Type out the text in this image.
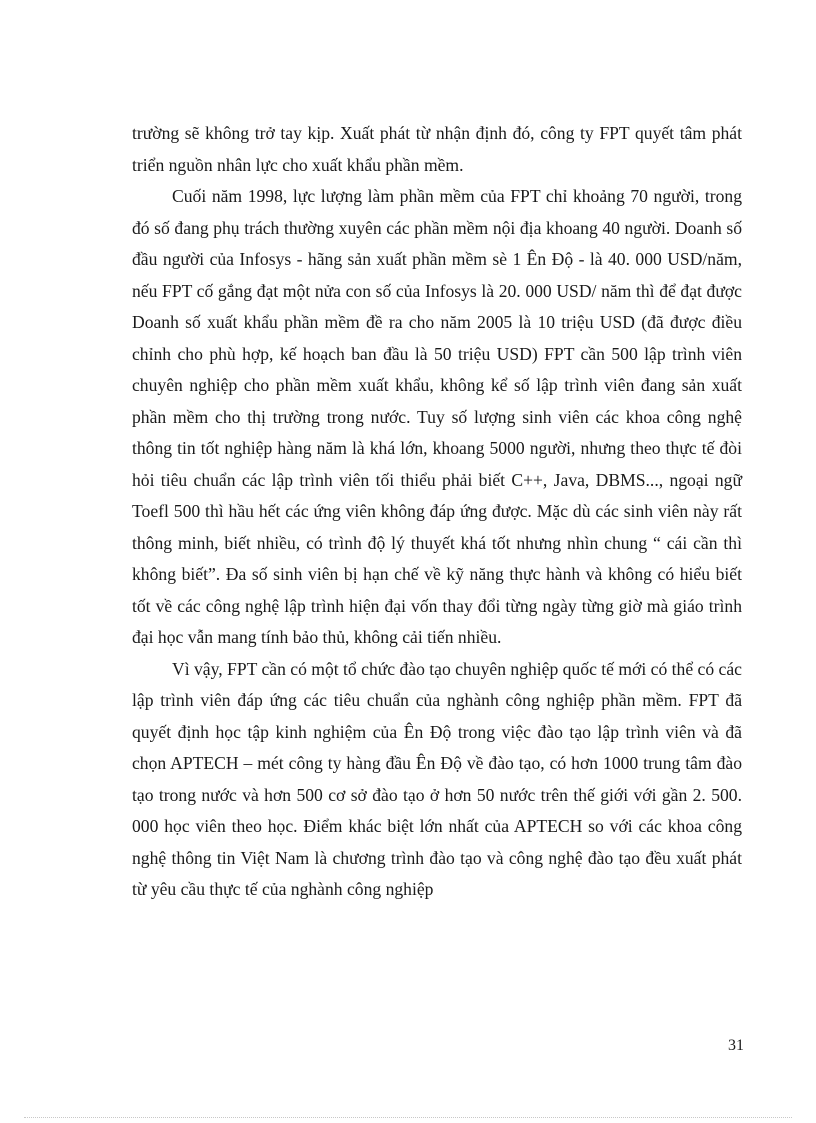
trường sẽ không trở tay kịp. Xuất phát từ nhận định đó, công ty FPT quyết tâm phát triển nguồn nhân lực cho xuất khẩu phần mềm.

Cuối năm 1998, lực lượng làm phần mềm của FPT chỉ khoảng 70 người, trong đó số đang phụ trách thường xuyên các phần mềm nội địa khoang 40 người. Doanh số đầu người của Infosys - hãng sản xuất phần mềm sè 1 Ên Độ - là 40. 000 USD/năm, nếu FPT cố gắng đạt một nửa con số của Infosys là 20. 000 USD/ năm thì để đạt được Doanh số xuất khẩu phần mềm đề ra cho năm 2005 là 10 triệu USD (đã được điều chỉnh cho phù hợp, kế hoạch ban đầu là 50 triệu USD) FPT cần 500 lập trình viên chuyên nghiệp cho phần mềm xuất khẩu, không kể số lập trình viên đang sản xuất phần mềm cho thị trường trong nước. Tuy số lượng sinh viên các khoa công nghệ thông tin tốt nghiệp hàng năm là khá lớn, khoang 5000 người, nhưng theo thực tế đòi hỏi tiêu chuẩn các lập trình viên tối thiểu phải biết C++, Java, DBMS..., ngoại ngữ Toefl 500 thì hầu hết các ứng viên không đáp ứng được. Mặc dù các sinh viên này rất thông minh, biết nhiều, có trình độ lý thuyết khá tốt nhưng nhìn chung “ cái cần thì không biết”. Đa số sinh viên bị hạn chế về kỹ năng thực hành và không có hiểu biết tốt về các công nghệ lập trình hiện đại vốn thay đổi từng ngày từng giờ mà giáo trình đại học vẫn mang tính bảo thủ, không cải tiến nhiều.

Vì vậy, FPT cần có một tổ chức đào tạo chuyên nghiệp quốc tế mới có thể có các lập trình viên đáp ứng các tiêu chuẩn của nghành công nghiệp phần mềm. FPT đã quyết định học tập kinh nghiệm của Ên Độ trong việc đào tạo lập trình viên và đã chọn APTECH – mét công ty hàng đầu Ên Độ về đào tạo, có hơn 1000 trung tâm đào tạo trong nước và hơn 500 cơ sở đào tạo ở hơn 50 nước trên thế giới với gần 2. 500. 000 học viên theo học. Điểm khác biệt lớn nhất của APTECH so với các khoa công nghệ thông tin Việt Nam là chương trình đào tạo và công nghệ đào tạo đều xuất phát từ yêu cầu thực tế của nghành công nghiệp

31
